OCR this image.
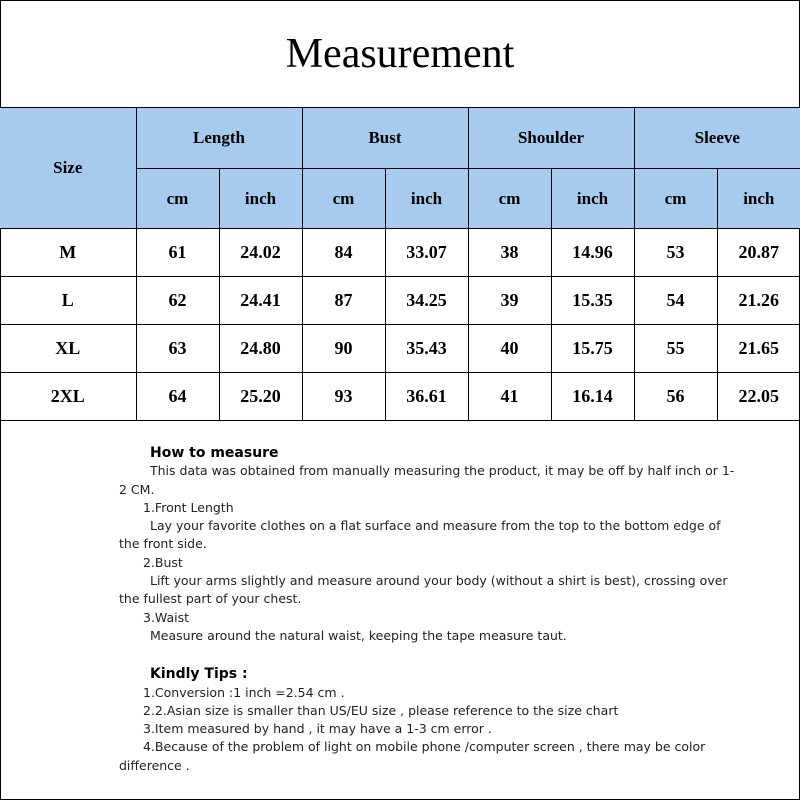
Measurement
Size	Length		Bust		Shoulder		Sleeve	
	cm	inch	cm	inch	cm	inch	cm	inch
M	61	24.02	84	33.07	38	14.96	53	20.87
L	62	24.41	87	34.25	39	15.35	54	21.26
XL	63	24.80	90	35.43	40	15.75	55	21.65
2XL	64	25.20	93	36.61	41	16.14	56	22.05
How to measure
This data was obtained from manually measuring the product, it may be off by half inch or 1-2 CM.
1.Front Length
Lay your favorite clothes on a flat surface and measure from the top to the bottom edge of the front side.
2.Bust
Lift your arms slightly and measure around your body (without a shirt is best), crossing over the fullest part of your chest.
3.Waist
Measure around the natural waist, keeping the tape measure taut.
Kindly Tips :
1.Conversion :1 inch =2.54 cm .
2.2.Asian size is smaller than US/EU size , please reference to the size chart
3.Item measured by hand , it may have a 1-3 cm error .
4.Because of the problem of light on mobile phone /computer screen , there may be color difference .
